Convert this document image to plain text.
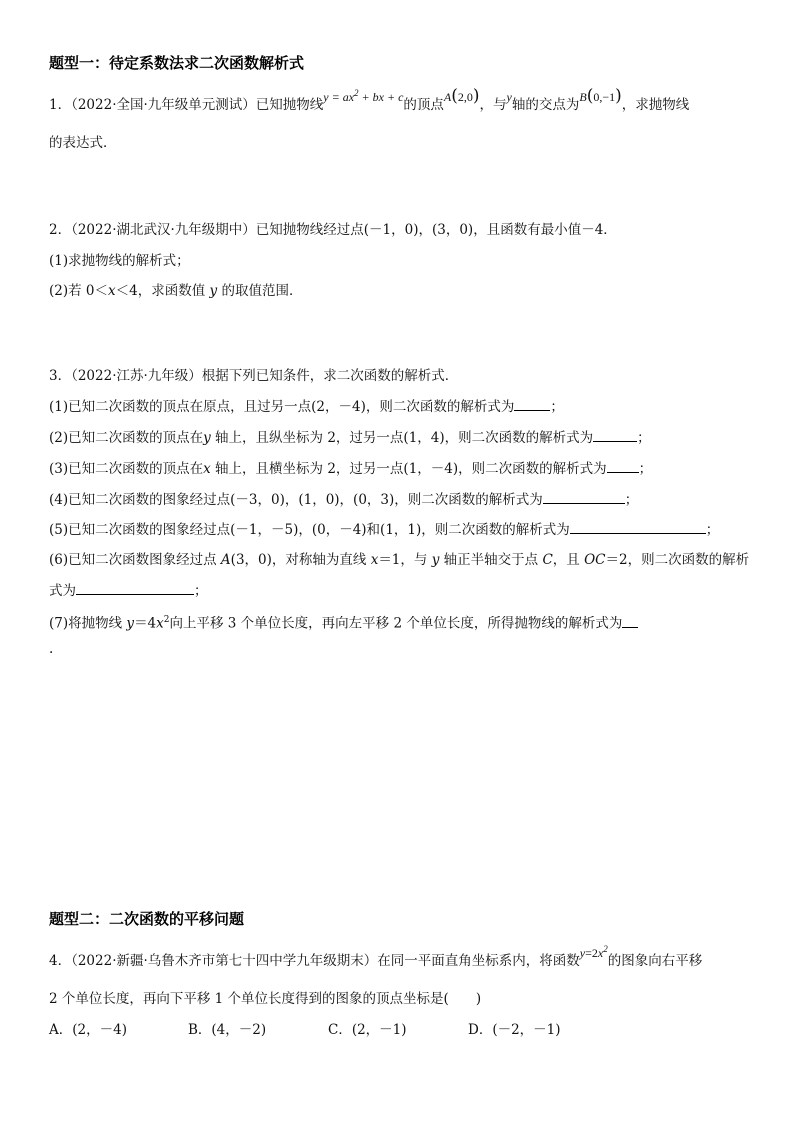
题型一：待定系数法求二次函数解析式
1．（2022·全国·九年级单元测试）已知抛物线$y = ax^2$ + bx + c的顶点A(2,0)，与y轴的交点为B(0,−1)，求抛物线
的表达式．
2．（2022·湖北武汉·九年级期中）已知抛物线经过点(－1，0)，(3，0)，且函数有最小值－4．
(1)求抛物线的解析式；
(2)若 0＜x＜4，求函数值 y 的取值范围．
3．（2022·江苏·九年级）根据下列已知条件，求二次函数的解析式．
(1)已知二次函数的顶点在原点，且过另一点(2，－4)，则二次函数的解析式为	；
(2)已知二次函数的顶点在y 轴上，且纵坐标为 2，过另一点(1，4)，则二次函数的解析式为	；
(3)已知二次函数的顶点在x 轴上，且横坐标为 2，过另一点(1，－4)，则二次函数的解析式为 ；
(4)已知二次函数的图象经过点(－3，0)，(1，0)，(0，3)，则二次函数的解析式为	；
(5)已知二次函数的图象经过点(－1，－5)，(0，－4)和(1，1)，则二次函数的解析式为	；
(6)已知二次函数图象经过点 A(3，0)，对称轴为直线 x＝1，与 y 轴正半轴交于点 C，且 OC＝2，则二次函数的解析
式为	；
(7)将抛物线 $y=4x^2$向上平移 3 个单位长度，再向左平移 2 个单位长度，所得抛物线的解析式为
.
题型二：二次函数的平移问题
4．（2022·新疆·乌鲁木齐市第七十四中学九年级期末）在同一平面直角坐标系内，将函数$y=2x^2$的图象向右平移
2 个单位长度，再向下平移 1 个单位长度得到的图象的顶点坐标是(　　)
A．(2，－4)	B．(4，－2)	C．(2，－1)	D．(－2，－1)
